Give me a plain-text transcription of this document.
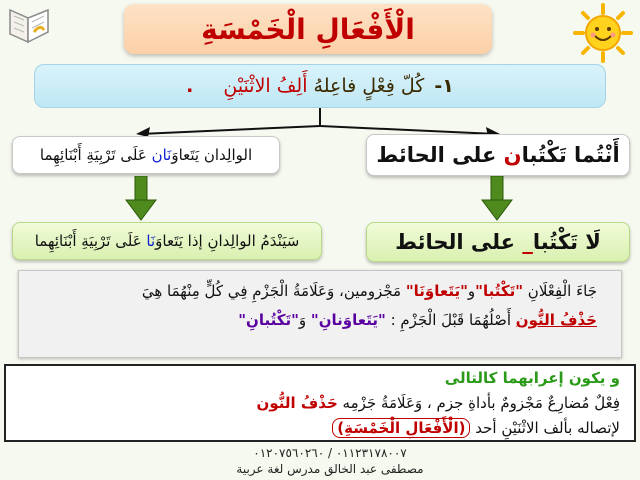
الْأَفْعَالِ الْخَمْسَةِ
١-
كُلّ فِعْلٍ فاعِلهُ

أَلِفُ الاثْنَيْنِ
.
الوالِدان يَتَعاوَنَان عَلَى تَرْبِيَةِ أَبْنَائِهِما	أَنْتُما تَكْتُبان على الحائط
سَيَنْدَمُ الوالِدانِ إذا يَتَعاوَنَا عَلَى تَرْبِيَةِ أَبْنَائِهِما	لَا تَكْتُبا_ على الحائط
جَاءَ الْفِعْلَانِ "تَكْتُبا"و"يَتَعاوَنَا" مَجْزومين، وَعَلَامَةُ الْجَزْمِ فِي كُلٍّ مِنْهُمَا هِيَ
حَذْفُ النُّون أَصْلُهُمَا قَبْلَ الْجَزْمِ : "يَتَعاوَنانِ" وَ"تَكْتُبانِ"
و يكون إعرابهما كالتالى
فِعْلٌ مُضارِعٌ مَجْزومٌ بأداةِ جزم ، وَعَلَامَةُ جَزْمِه حَذْفُ النُّون
لإتصاله بألف الاثْنَيْنِ أحد (الْأَفْعَالِ الْخَمْسَةِ)
٠١١٢٣١٧٨٠٠٧ / ٠١٢٠٧٥٦٠٢٦٠
مصطفى عبد الخالق مدرس لغة عربية
